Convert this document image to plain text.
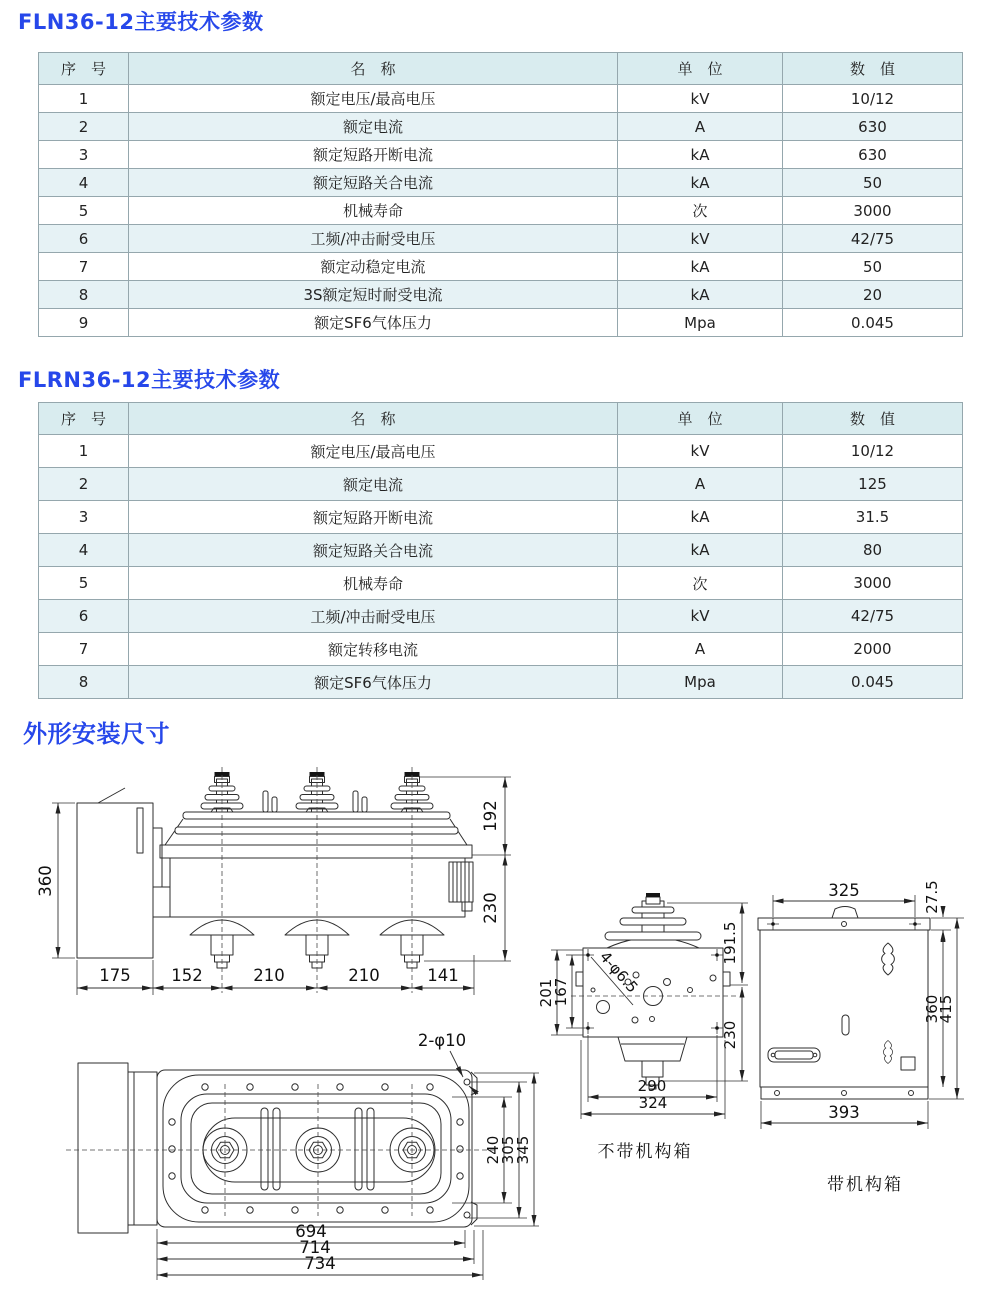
FLN36-12主要技术参数
序　号	名　称	单　位	数　值
1	额定电压/最高电压	kV	10/12
2	额定电流	A	630
3	额定短路开断电流	kA	630
4	额定短路关合电流	kA	50
5	机械寿命	次	3000
6	工频/冲击耐受电压	kV	42/75
7	额定动稳定电流	kA	50
8	3S额定短时耐受电流	kA	20
9	额定SF6气体压力	Mpa	0.045
FLRN36-12主要技术参数
序　号	名　称	单　位	数　值
1	额定电压/最高电压	kV	10/12
2	额定电流	A	125
3	额定短路开断电流	kA	31.5
4	额定短路关合电流	kA	80
5	机械寿命	次	3000
6	工频/冲击耐受电压	kV	42/75
7	额定转移电流	A	2000
8	额定SF6气体压力	Mpa	0.045
外形安装尺寸
360
175 152	210	210	141
192
230
2-φ10
240
305
345
694
714
734
4-φ6.5
201
167
191.5
230
290
324
不带机构箱
325	27.5
360
415
393
带机构箱
